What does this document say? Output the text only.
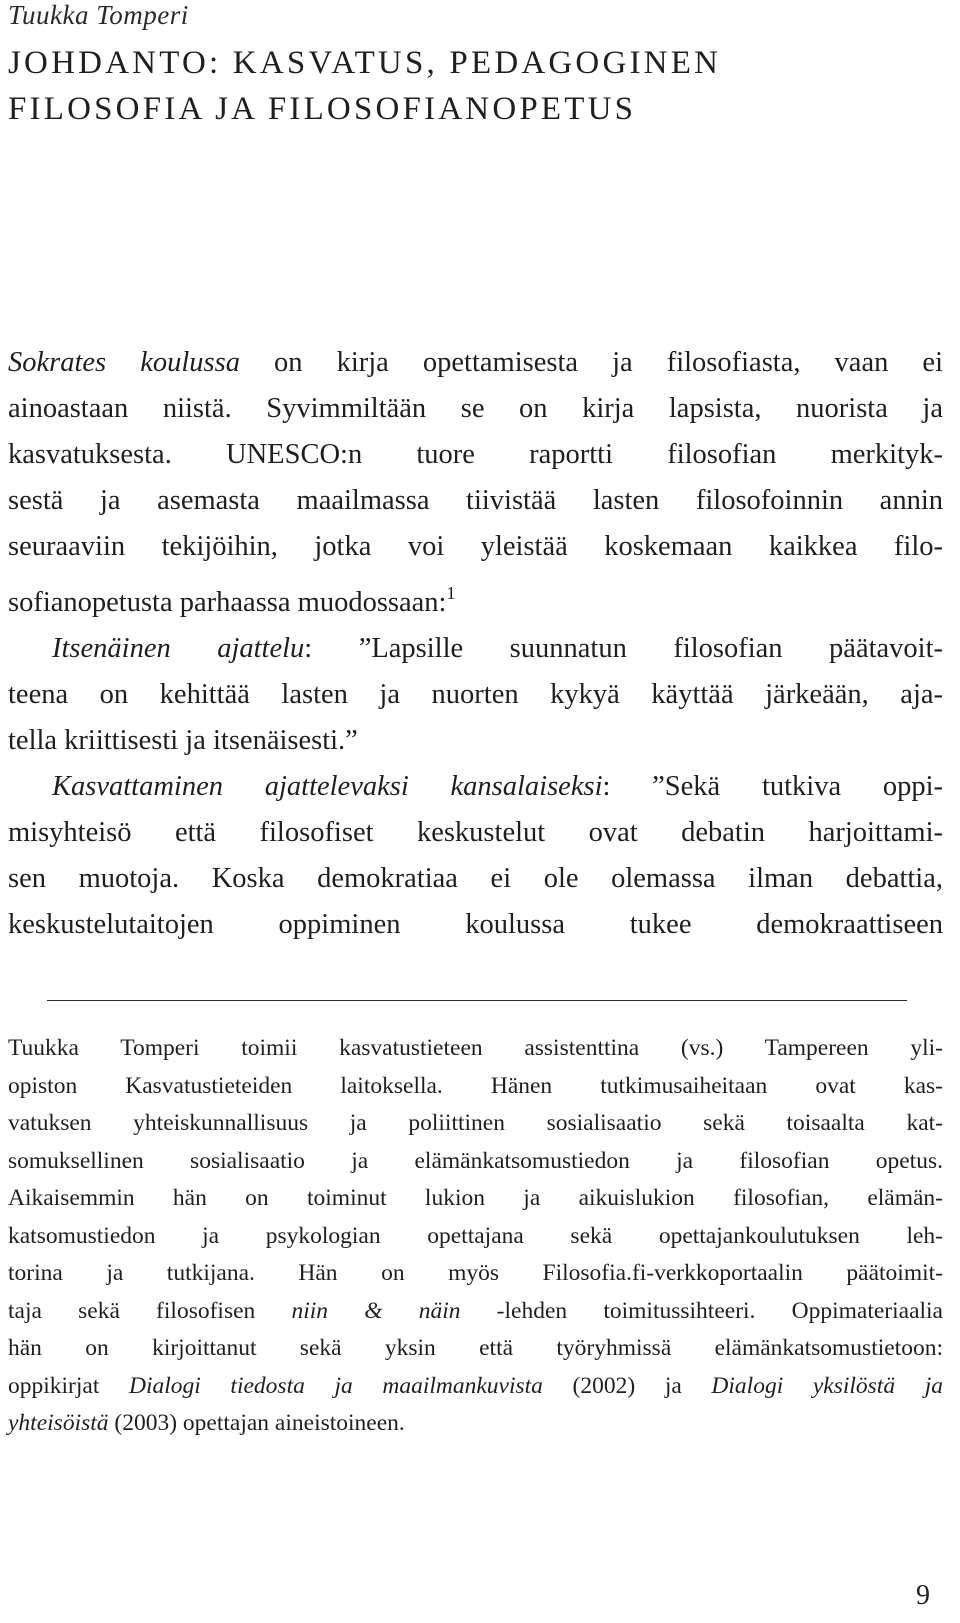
Tuukka Tomperi
JOHDANTO: KASVATUS, PEDAGOGINEN
FILOSOFIA JA FILOSOFIANOPETUS
Sokrates koulussa on kirja opettamisesta ja filosofiasta, vaan ei
ainoastaan niistä. Syvimmiltään se on kirja lapsista, nuorista ja
kasvatuksesta. UNESCO:n tuore raportti filosofian merkityk-
sestä ja asemasta maailmassa tiivistää lasten filosofoinnin annin
seuraaviin tekijöihin, jotka voi yleistää koskemaan kaikkea filo-
sofianopetusta parhaassa muodossaan:$^1$
Itsenäinen ajattelu: ”Lapsille suunnatun filosofian päätavoit-
teena on kehittää lasten ja nuorten kykyä käyttää järkeään, aja-
tella kriittisesti ja itsenäisesti.”
Kasvattaminen ajattelevaksi kansalaiseksi: ”Sekä tutkiva oppi-
misyhteisö että filosofiset keskustelut ovat debatin harjoittami-
sen muotoja. Koska demokratiaa ei ole olemassa ilman debattia,
keskustelutaitojen oppiminen koulussa tukee demokraattiseen
Tuukka Tomperi toimii kasvatustieteen assistenttina (vs.) Tampereen yli-
opiston Kasvatustieteiden laitoksella. Hänen tutkimusaiheitaan ovat kas-
vatuksen yhteiskunnallisuus ja poliittinen sosialisaatio sekä toisaalta kat-
somuksellinen sosialisaatio ja elämänkatsomustiedon ja filosofian opetus.
Aikaisemmin hän on toiminut lukion ja aikuislukion filosofian, elämän-
katsomustiedon ja psykologian opettajana sekä opettajankoulutuksen leh-
torina ja tutkijana. Hän on myös Filosofia.fi-verkkoportaalin päätoimit-
taja sekä filosofisen niin & näin -lehden toimitussihteeri. Oppimateriaalia
hän on kirjoittanut sekä yksin että työryhmissä elämänkatsomustietoon:
oppikirjat Dialogi tiedosta ja maailmankuvista (2002) ja Dialogi yksilöstä ja
yhteisöistä (2003) opettajan aineistoineen.
9
